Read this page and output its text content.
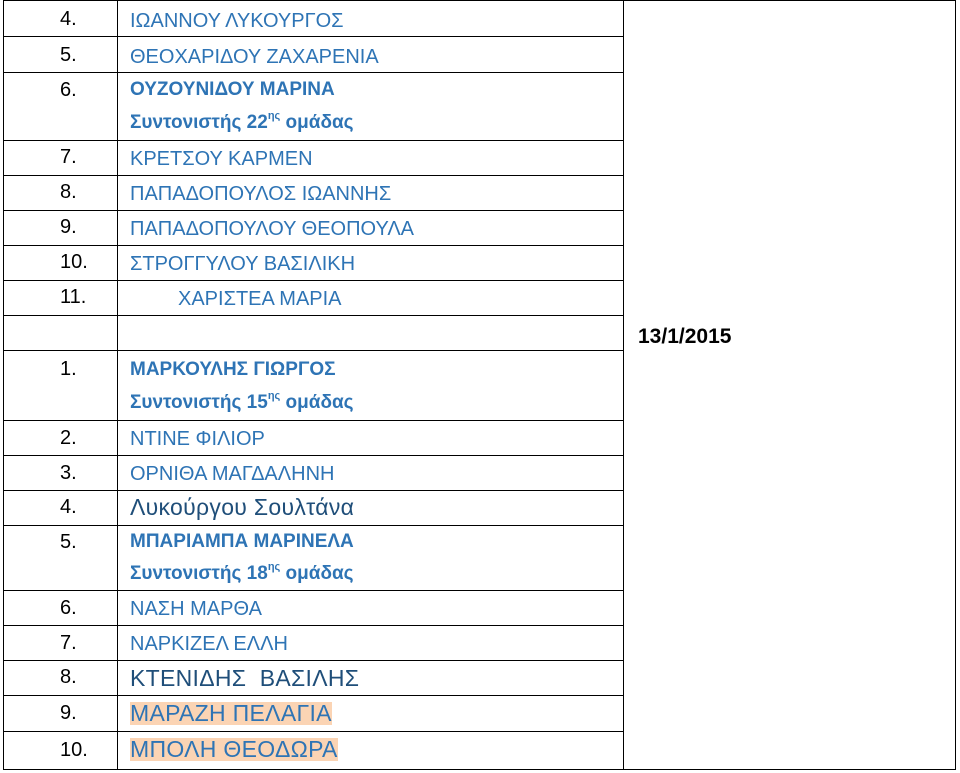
4.	ΙΩΑΝΝΟΥ ΛΥΚΟΥΡΓΟΣ
5.	ΘΕΟΧΑΡΙΔΟΥ ΖΑΧΑΡΕΝΙΑ
6.	ΟΥΖΟΥΝΙΔΟΥ ΜΑΡΙΝΑ
Συντονιστής $22^{\eta\varsigma}$ ομάδας
7.	ΚΡΕΤΣΟΥ ΚΑΡΜΕΝ
8.	ΠΑΠΑΔΟΠΟΥΛΟΣ ΙΩΑΝΝΗΣ
9.	ΠΑΠΑΔΟΠΟΥΛΟΥ ΘΕΟΠΟΥΛΑ
10. ΣΤΡΟΓΓΥΛΟΥ ΒΑΣΙΛΙΚΗ
11.	ΧΑΡΙΣΤΕΑ ΜΑΡΙΑ
13/1/2015
1.	ΜΑΡΚΟΥΛΗΣ ΓΙΩΡΓΟΣ
Συντονιστής $15^{\eta\varsigma}$ ομάδας
2.	ΝΤΙΝΕ ΦΙΛΙΟΡ
3.	ΟΡΝΙΘΑ ΜΑΓΔΑΛΗΝΗ
4. Λυκούργου Σουλτάνα
5.	ΜΠΑΡΙΑΜΠΑ ΜΑΡΙΝΕΛΑ
Συντονιστής $18^{\eta\varsigma}$ ομάδας
6.	ΝΑΣΗ ΜΑΡΘΑ
7.	ΝΑΡΚΙΖΕΛ ΕΛΛΗ
8. ΚΤΕΝΙΔΗΣ  ΒΑΣΙΛΗΣ
9. ΜΑΡΑΖΗ ΠΕΛΑΓΙΑ
10. ΜΠΟΛΗ ΘΕΟΔΩΡΑ
